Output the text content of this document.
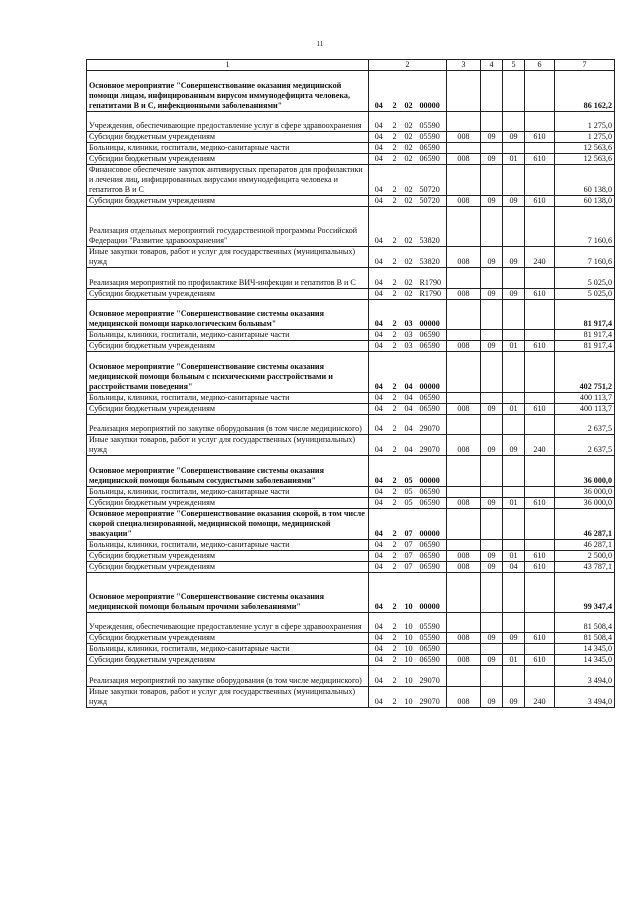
11
1	2				3	4	5	6	7
Основное мероприятие "Совершенствование оказания медицинской помощи лицам, инфицированным вирусом иммунодефицита человека, гепатитами В и С, инфекционными заболеваниями"	04	2	02	00000					86 162,2
Учреждения, обеспечивающие предоставление услуг в сфере здравоохранения	04	2	02	05590					1 275,0
Субсидии бюджетным учреждениям	04	2	02	05590	008	09	09	610	1 275,0
Больницы, клиники, госпитали, медико-санитарные части	04	2	02	06590					12 563,6
Субсидии бюджетным учреждениям	04	2	02	06590	008	09	01	610	12 563,6
Финансовое обеспечение закупок антивирусных препаратов для профилактики и лечения лиц, инфицированных вирусами иммунодефицита человека и гепатитов В и С	04	2	02	50720					60 138,0
Субсидии бюджетным учреждениям	04	2	02	50720	008	09	09	610	60 138,0
Реализация отдельных мероприятий государственной программы Российской Федерации "Развитие здравоохранения"	04	2	02	53820					7 160,6
Иные закупки товаров, работ и услуг для государственных (муниципальных) нужд	04	2	02	53820	008	09	09	240	7 160,6
Реализация мероприятий по профилактике ВИЧ-инфекции и гепатитов В и С	04	2	02	R1790					5 025,0
Субсидии бюджетным учреждениям	04	2	02	R1790	008	09	09	610	5 025,0
Основное мероприятие "Совершенствование системы оказания медицинской помощи наркологическим больным"	04	2	03	00000					81 917,4
Больницы, клиники, госпитали, медико-санитарные части	04	2	03	06590					81 917,4
Субсидии бюджетным учреждениям	04	2	03	06590	008	09	01	610	81 917,4
Основное мероприятие "Совершенствование системы оказания медицинской помощи больным с психическими расстройствами и расстройствами поведения"	04	2	04	00000					402 751,2
Больницы, клиники, госпитали, медико-санитарные части	04	2	04	06590					400 113,7
Субсидии бюджетным учреждениям	04	2	04	06590	008	09	01	610	400 113,7
Реализация мероприятий по закупке оборудования (в том числе медицинского)	04	2	04	29070					2 637,5
Иные закупки товаров, работ и услуг для государственных (муниципальных) нужд	04	2	04	29070	008	09	09	240	2 637,5
Основное мероприятие "Совершенствование системы оказания медицинской помощи больным сосудистыми заболеваниями"	04	2	05	00000					36 000,0
Больницы, клиники, госпитали, медико-санитарные части	04	2	05	06590					36 000,0
Субсидии бюджетным учреждениям	04	2	05	06590	008	09	01	610	36 000,0
Основное мероприятие "Совершенствование оказания скорой, в том числе скорой специализированной, медицинской помощи, медицинской эвакуации"	04	2	07	00000					46 287,1
Больницы, клиники, госпитали, медико-санитарные части	04	2	07	06590					46 287,1
Субсидии бюджетным учреждениям	04	2	07	06590	008	09	01	610	2 500,0
Субсидии бюджетным учреждениям	04	2	07	06590	008	09	04	610	43 787,1
Основное мероприятие "Совершенствование системы оказания медицинской помощи больным прочими заболеваниями"	04	2	10	00000					99 347,4
Учреждения, обеспечивающие предоставление услуг в сфере здравоохранения	04	2	10	05590					81 508,4
Субсидии бюджетным учреждениям	04	2	10	05590	008	09	09	610	81 508,4
Больницы, клиники, госпитали, медико-санитарные части	04	2	10	06590					14 345,0
Субсидии бюджетным учреждениям	04	2	10	06590	008	09	01	610	14 345,0
Реализация мероприятий по закупке оборудования (в том числе медицинского)	04	2	10	29070					3 494,0
Иные закупки товаров, работ и услуг для государственных (муниципальных) нужд	04	2	10	29070	008	09	09	240	3 494,0
